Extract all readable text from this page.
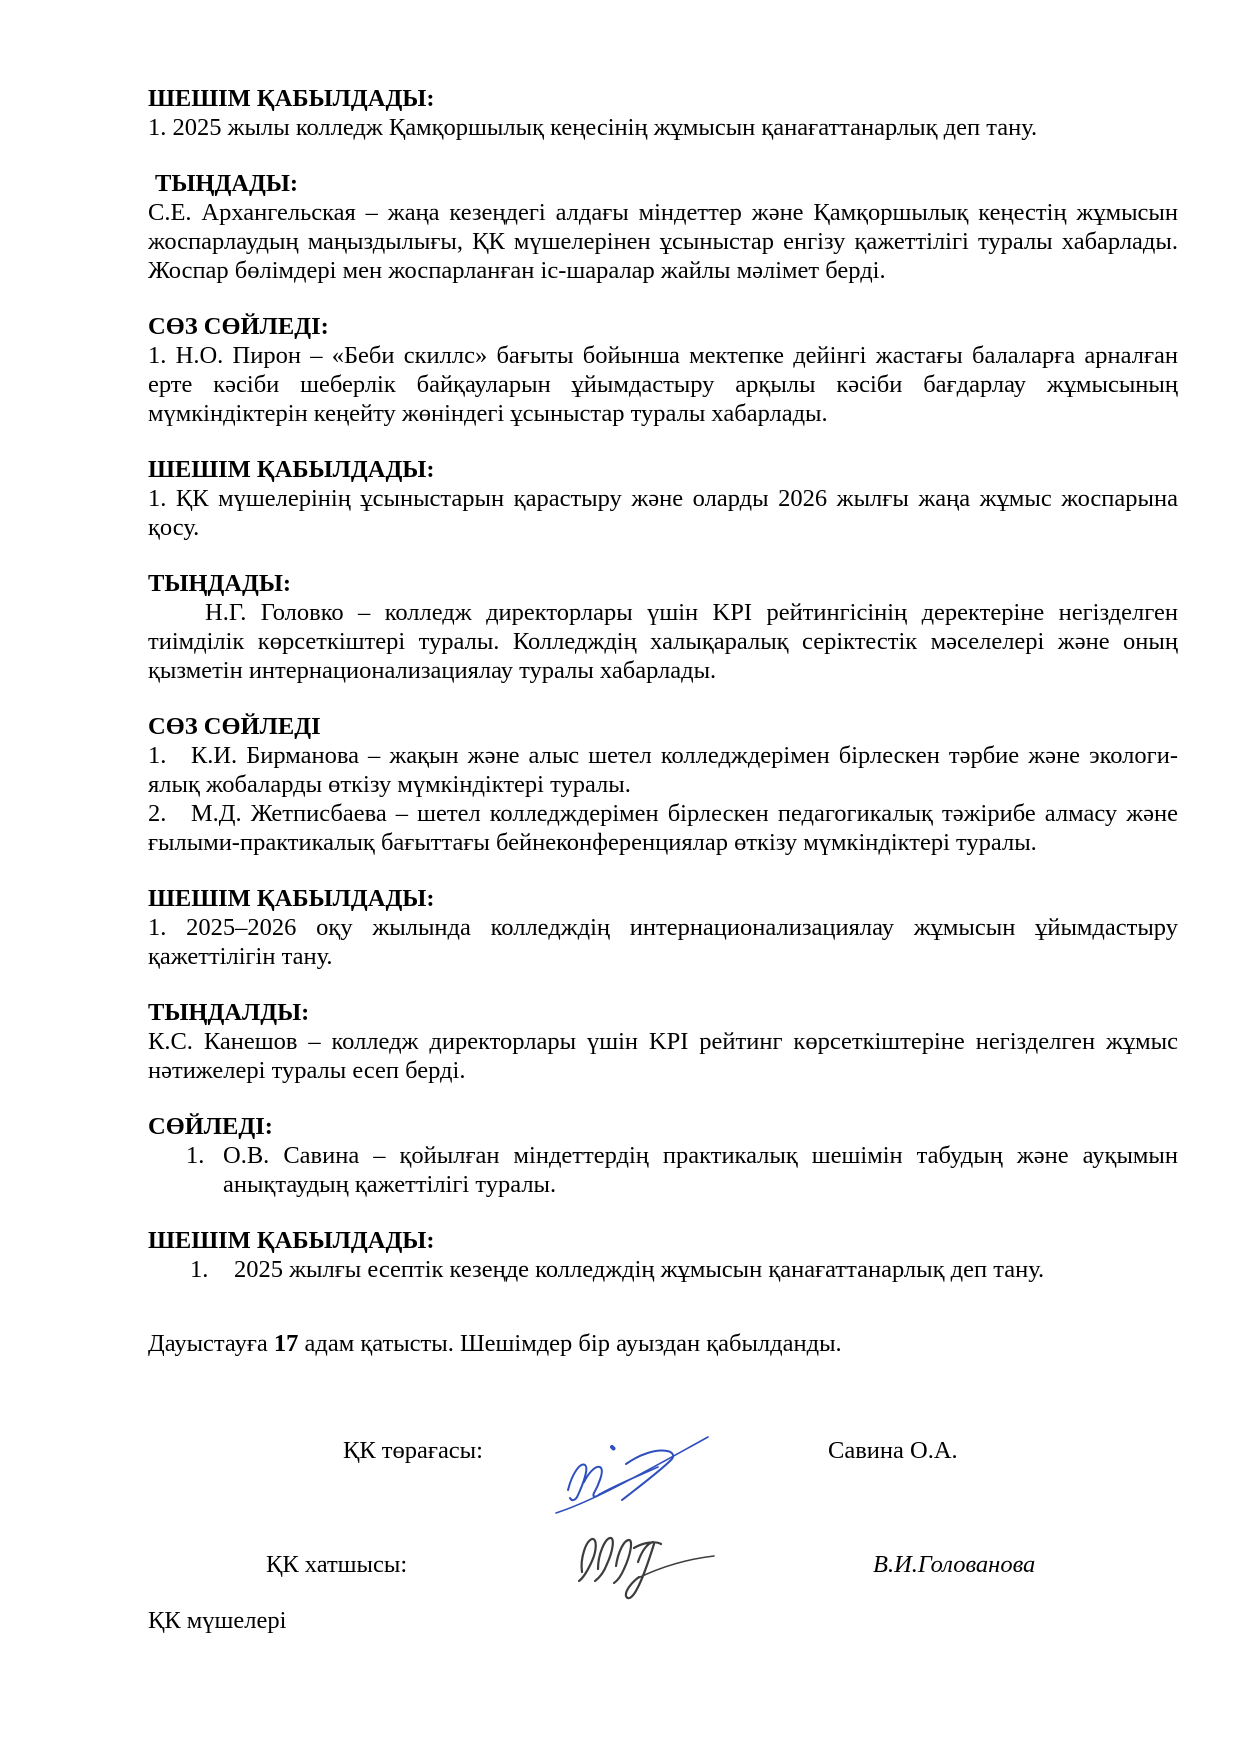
ШЕШІМ ҚАБЫЛДАДЫ:

1. 2025 жылы колледж Қамқоршылық кеңесінің жұмысын қанағаттанарлық деп тану.

ТЫҢДАДЫ:

С.Е. Архангельская – жаңа кезеңдегі алдағы міндеттер және Қамқоршылық кеңестің жұмысын жоспарлаудың маңыздылығы, ҚК мүшелерінен ұсыныстар енгізу қажеттілігі туралы хабарлады. Жоспар бөлімдері мен жоспарланған іс-шаралар жайлы мәлімет берді.

СӨЗ СӨЙЛЕДІ:

1. Н.О. Пирон – «Беби скиллс» бағыты бойынша мектепке дейінгі жастағы балаларға арналған ерте кәсіби шеберлік байқауларын ұйымдастыру арқылы кәсіби бағдарлау жұмысының мүмкіндіктерін кеңейту жөніндегі ұсыныстар туралы хабарлады.

ШЕШІМ ҚАБЫЛДАДЫ:

1. ҚК мүшелерінің ұсыныстарын қарастыру және оларды 2026 жылғы жаңа жұмыс жоспарына қосу.

ТЫҢДАДЫ:

Н.Г. Головко – колледж директорлары үшін KPI рейтингісінің деректеріне негізделген тиімділік көрсеткіштері туралы. Колледждің халықаралық серіктестік мәселелері және оның қызметін интернационализациялау туралы хабарлады.

СӨЗ СӨЙЛЕДІ

1. К.И. Бирманова – жақын және алыс шетел колледждерімен бірлескен тәрбие және экологиялық жобаларды өткізу мүмкіндіктері туралы.

2. М.Д. Жетписбаева – шетел колледждерімен бірлескен педагогикалық тәжірибе алмасу және ғылыми-практикалық бағыттағы бейнеконференциялар өткізу мүмкіндіктері туралы.

ШЕШІМ ҚАБЫЛДАДЫ:

1. 2025–2026 оқу жылында колледждің интернационализациялау жұмысын ұйымдастыру қажеттілігін тану.

ТЫҢДАЛДЫ:

К.С. Канешов – колледж директорлары үшін KPI рейтинг көрсеткіштеріне негізделген жұмыс нәтижелері туралы есеп берді.

СӨЙЛЕДІ:
1. О.В. Савина – қойылған міндеттердің практикалық шешімін табудың және ауқымын анықтаудың қажеттілігі туралы.
ШЕШІМ ҚАБЫЛДАДЫ:
1.	2025 жылғы есептік кезеңде колледждің жұмысын қанағаттанарлық деп тану.

Дауыстауға 17 адам қатысты. Шешімдер бір ауыздан қабылданды.

ҚК төрағасы:	Савина О.А.
ҚК хатшысы:	В.И.Голованова
ҚК мүшелері
